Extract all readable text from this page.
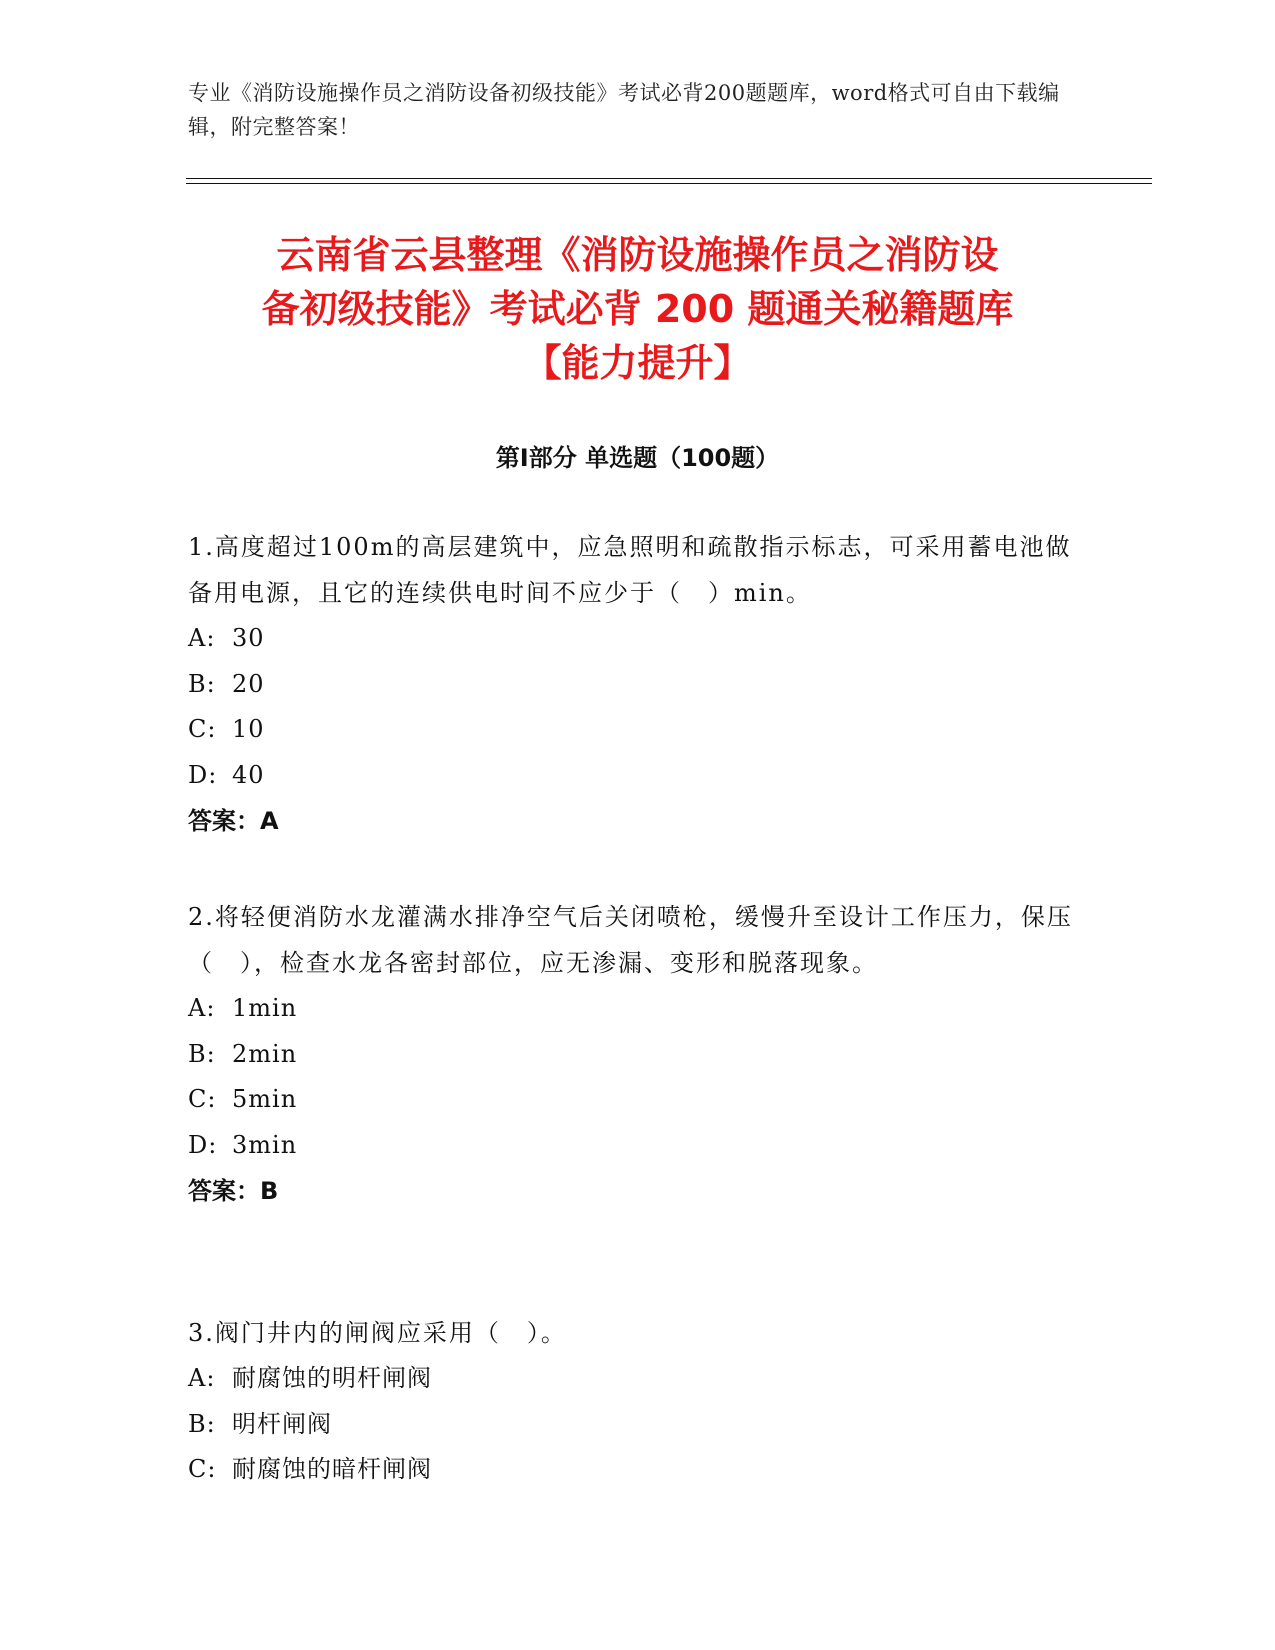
专业《消防设施操作员之消防设备初级技能》考试必背200题题库，word格式可自由下载编辑，附完整答案！
云南省云县整理《消防设施操作员之消防设
备初级技能》考试必背 200 题通关秘籍题库
【能力提升】
第Ⅰ部分 单选题（100题）
1.高度超过100m的高层建筑中，应急照明和疏散指示标志，可采用蓄电池做备用电源，且它的连续供电时间不应少于（　）min。
A: 30
B: 20
C: 10
D: 40
答案：A
2.将轻便消防水龙灌满水排净空气后关闭喷枪，缓慢升至设计工作压力，保压（　），检查水龙各密封部位，应无渗漏、变形和脱落现象。
A: 1min
B: 2min
C: 5min
D: 3min
答案：B
3.阀门井内的闸阀应采用（　）。
A: 耐腐蚀的明杆闸阀
B: 明杆闸阀
C: 耐腐蚀的暗杆闸阀
